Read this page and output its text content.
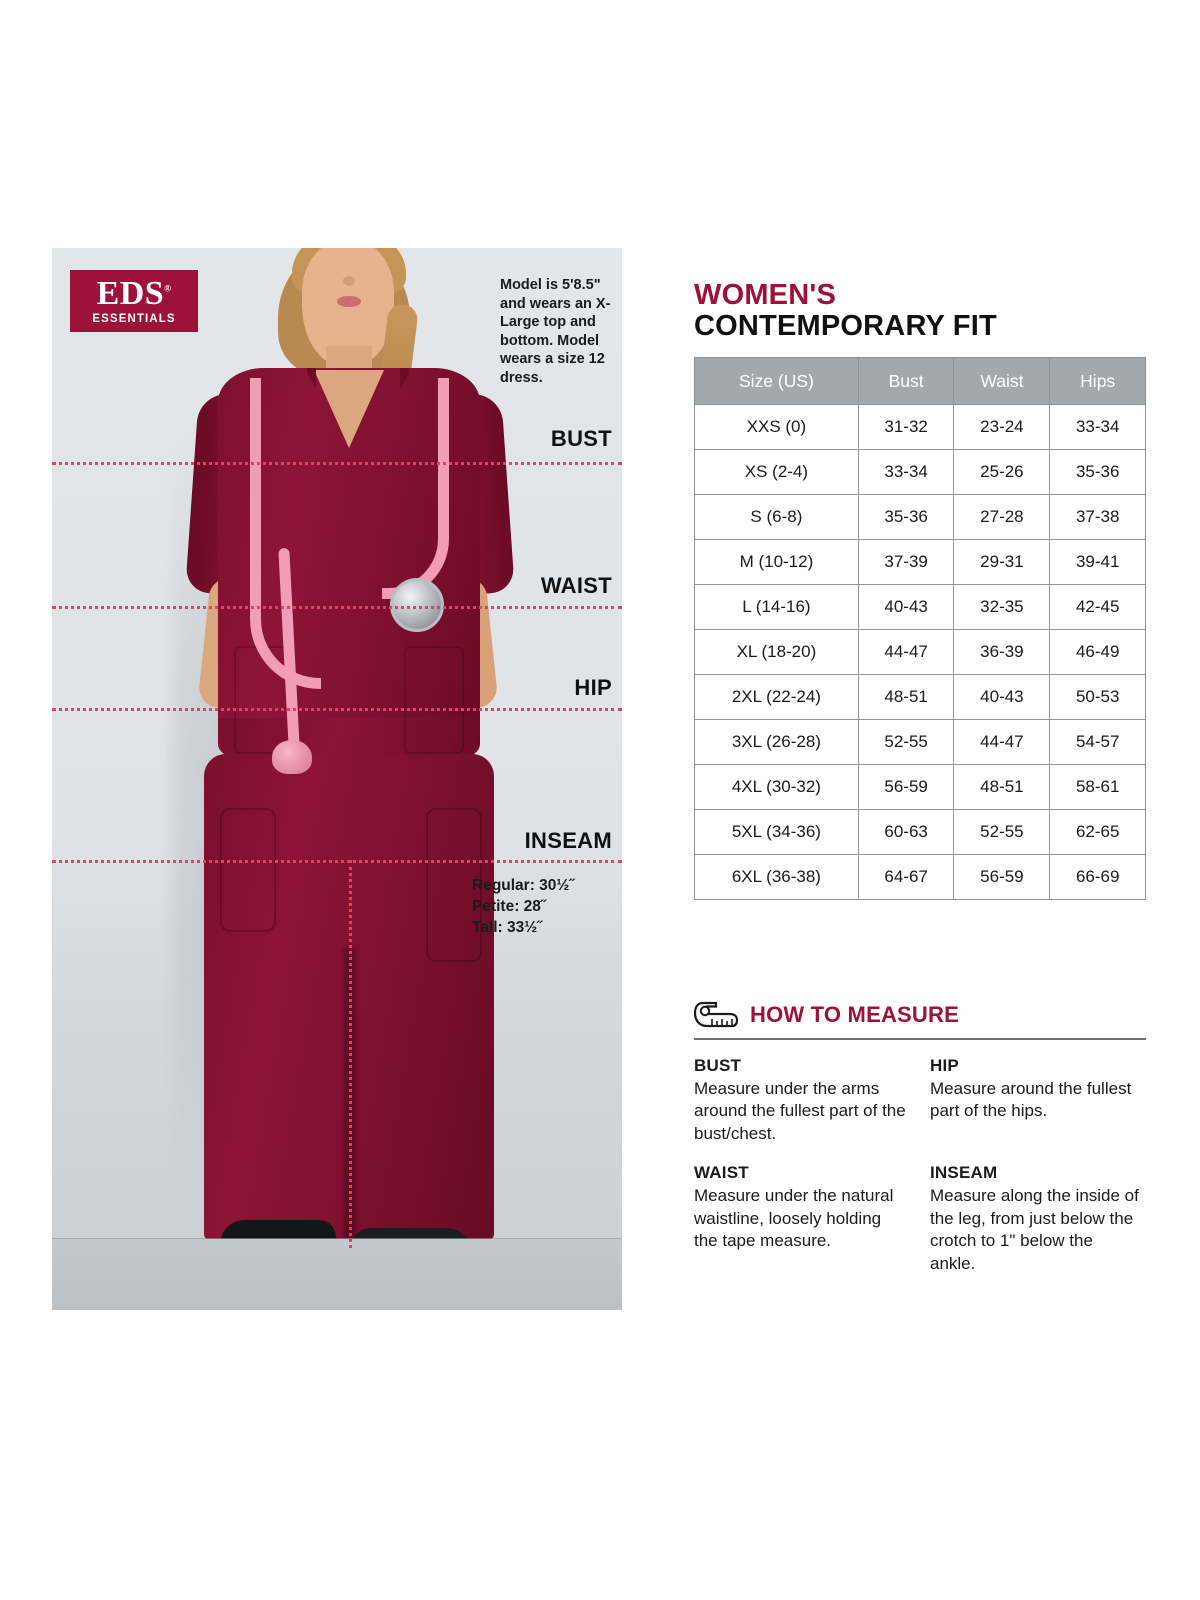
EDS®
ESSENTIALS
Model is 5'8.5" and wears an X-Large top and bottom. Model wears a size 12 dress.
BUST
WAIST
HIP
INSEAM
Regular: 30½˝
Petite: 28˝
Tall: 33½˝
WOMEN'S
CONTEMPORARY FIT
Size (US)	Bust	Waist	Hips
XXS (0)	31-32	23-24	33-34
XS (2-4)	33-34	25-26	35-36
S (6-8)	35-36	27-28	37-38
M (10-12)	37-39	29-31	39-41
L (14-16)	40-43	32-35	42-45
XL (18-20)	44-47	36-39	46-49
2XL (22-24)	48-51	40-43	50-53
3XL (26-28)	52-55	44-47	54-57
4XL (30-32)	56-59	48-51	58-61
5XL (34-36)	60-63	52-55	62-65
6XL (36-38)	64-67	56-59	66-69
HOW TO MEASURE
BUST
Measure under the arms around the fullest part of the bust/chest.
HIP
Measure around the fullest part of the hips.
WAIST
Measure under the natural waistline, loosely holding the tape measure.
INSEAM
Measure along the inside of the leg, from just below the crotch to 1" below the ankle.
